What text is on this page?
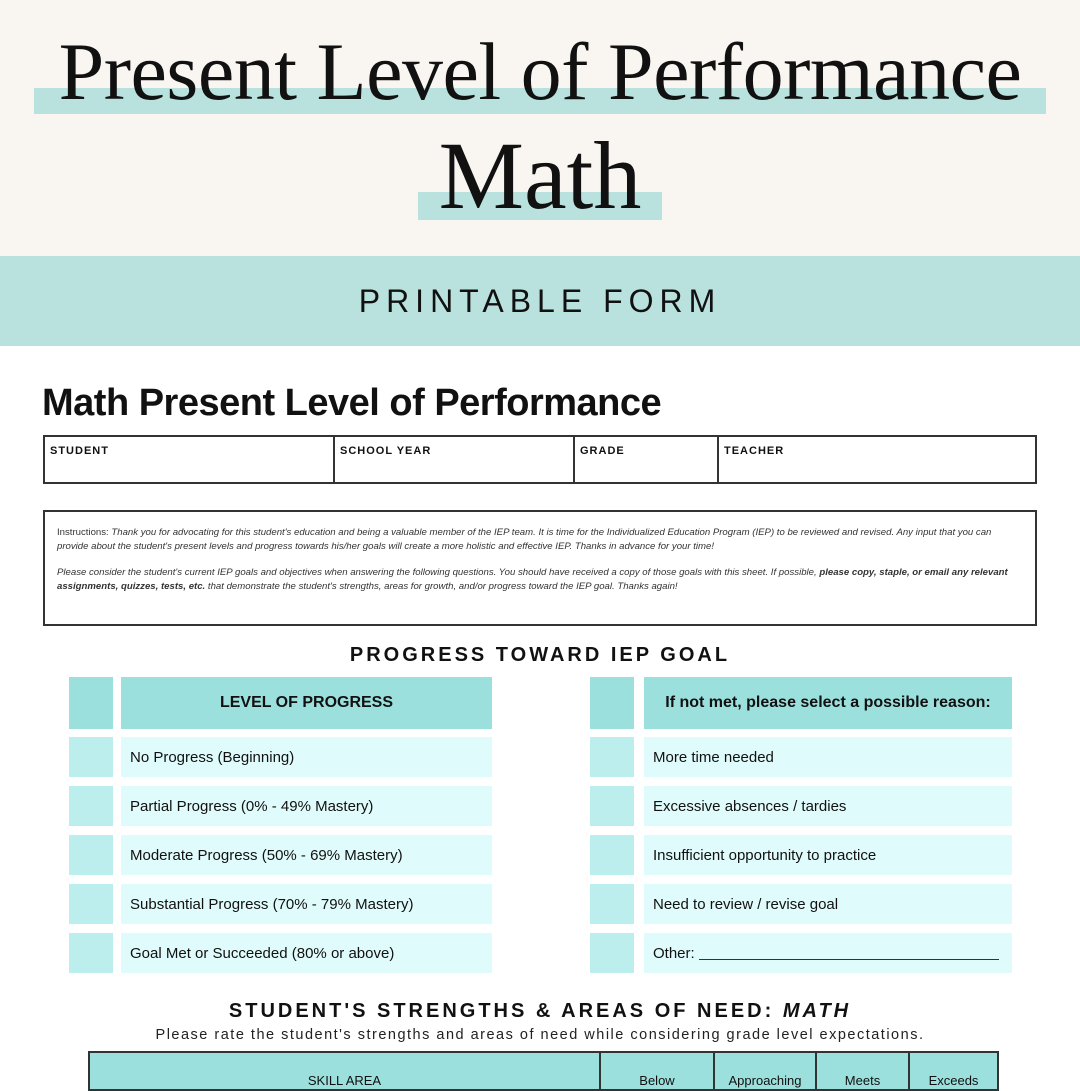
Present Level of Performance
Math
PRINTABLE FORM
Math Present Level of Performance
STUDENT	SCHOOL YEAR	GRADE	TEACHER

Instructions: Thank you for advocating for this student's education and being a valuable member of the IEP team. It is time for the Individualized Education Program (IEP) to be reviewed and revised. Any input that you can provide about the student's present levels and progress towards his/her goals will create a more holistic and effective IEP. Thanks in advance for your time!

Please consider the student's current IEP goals and objectives when answering the following questions. You should have received a copy of those goals with this sheet. If possible, please copy, staple, or email any relevant assignments, quizzes, tests, etc. that demonstrate the student's strengths, areas for growth, and/or progress toward the IEP goal. Thanks again!

PROGRESS TOWARD IEP GOAL
LEVEL OF PROGRESS	If not met, please select a possible reason:
No Progress (Beginning)	More time needed
Partial Progress (0% - 49% Mastery)	Excessive absences / tardies
Moderate Progress (50% - 69% Mastery)	Insufficient opportunity to practice
Substantial Progress (70% - 79% Mastery)	Need to review / revise goal
Goal Met or Succeeded (80% or above)	Other:
STUDENT'S STRENGTHS & AREAS OF NEED: MATH
Please rate the student's strengths and areas of need while considering grade level expectations.
SKILL AREA	Below	Approaching	Meets	Exceeds
